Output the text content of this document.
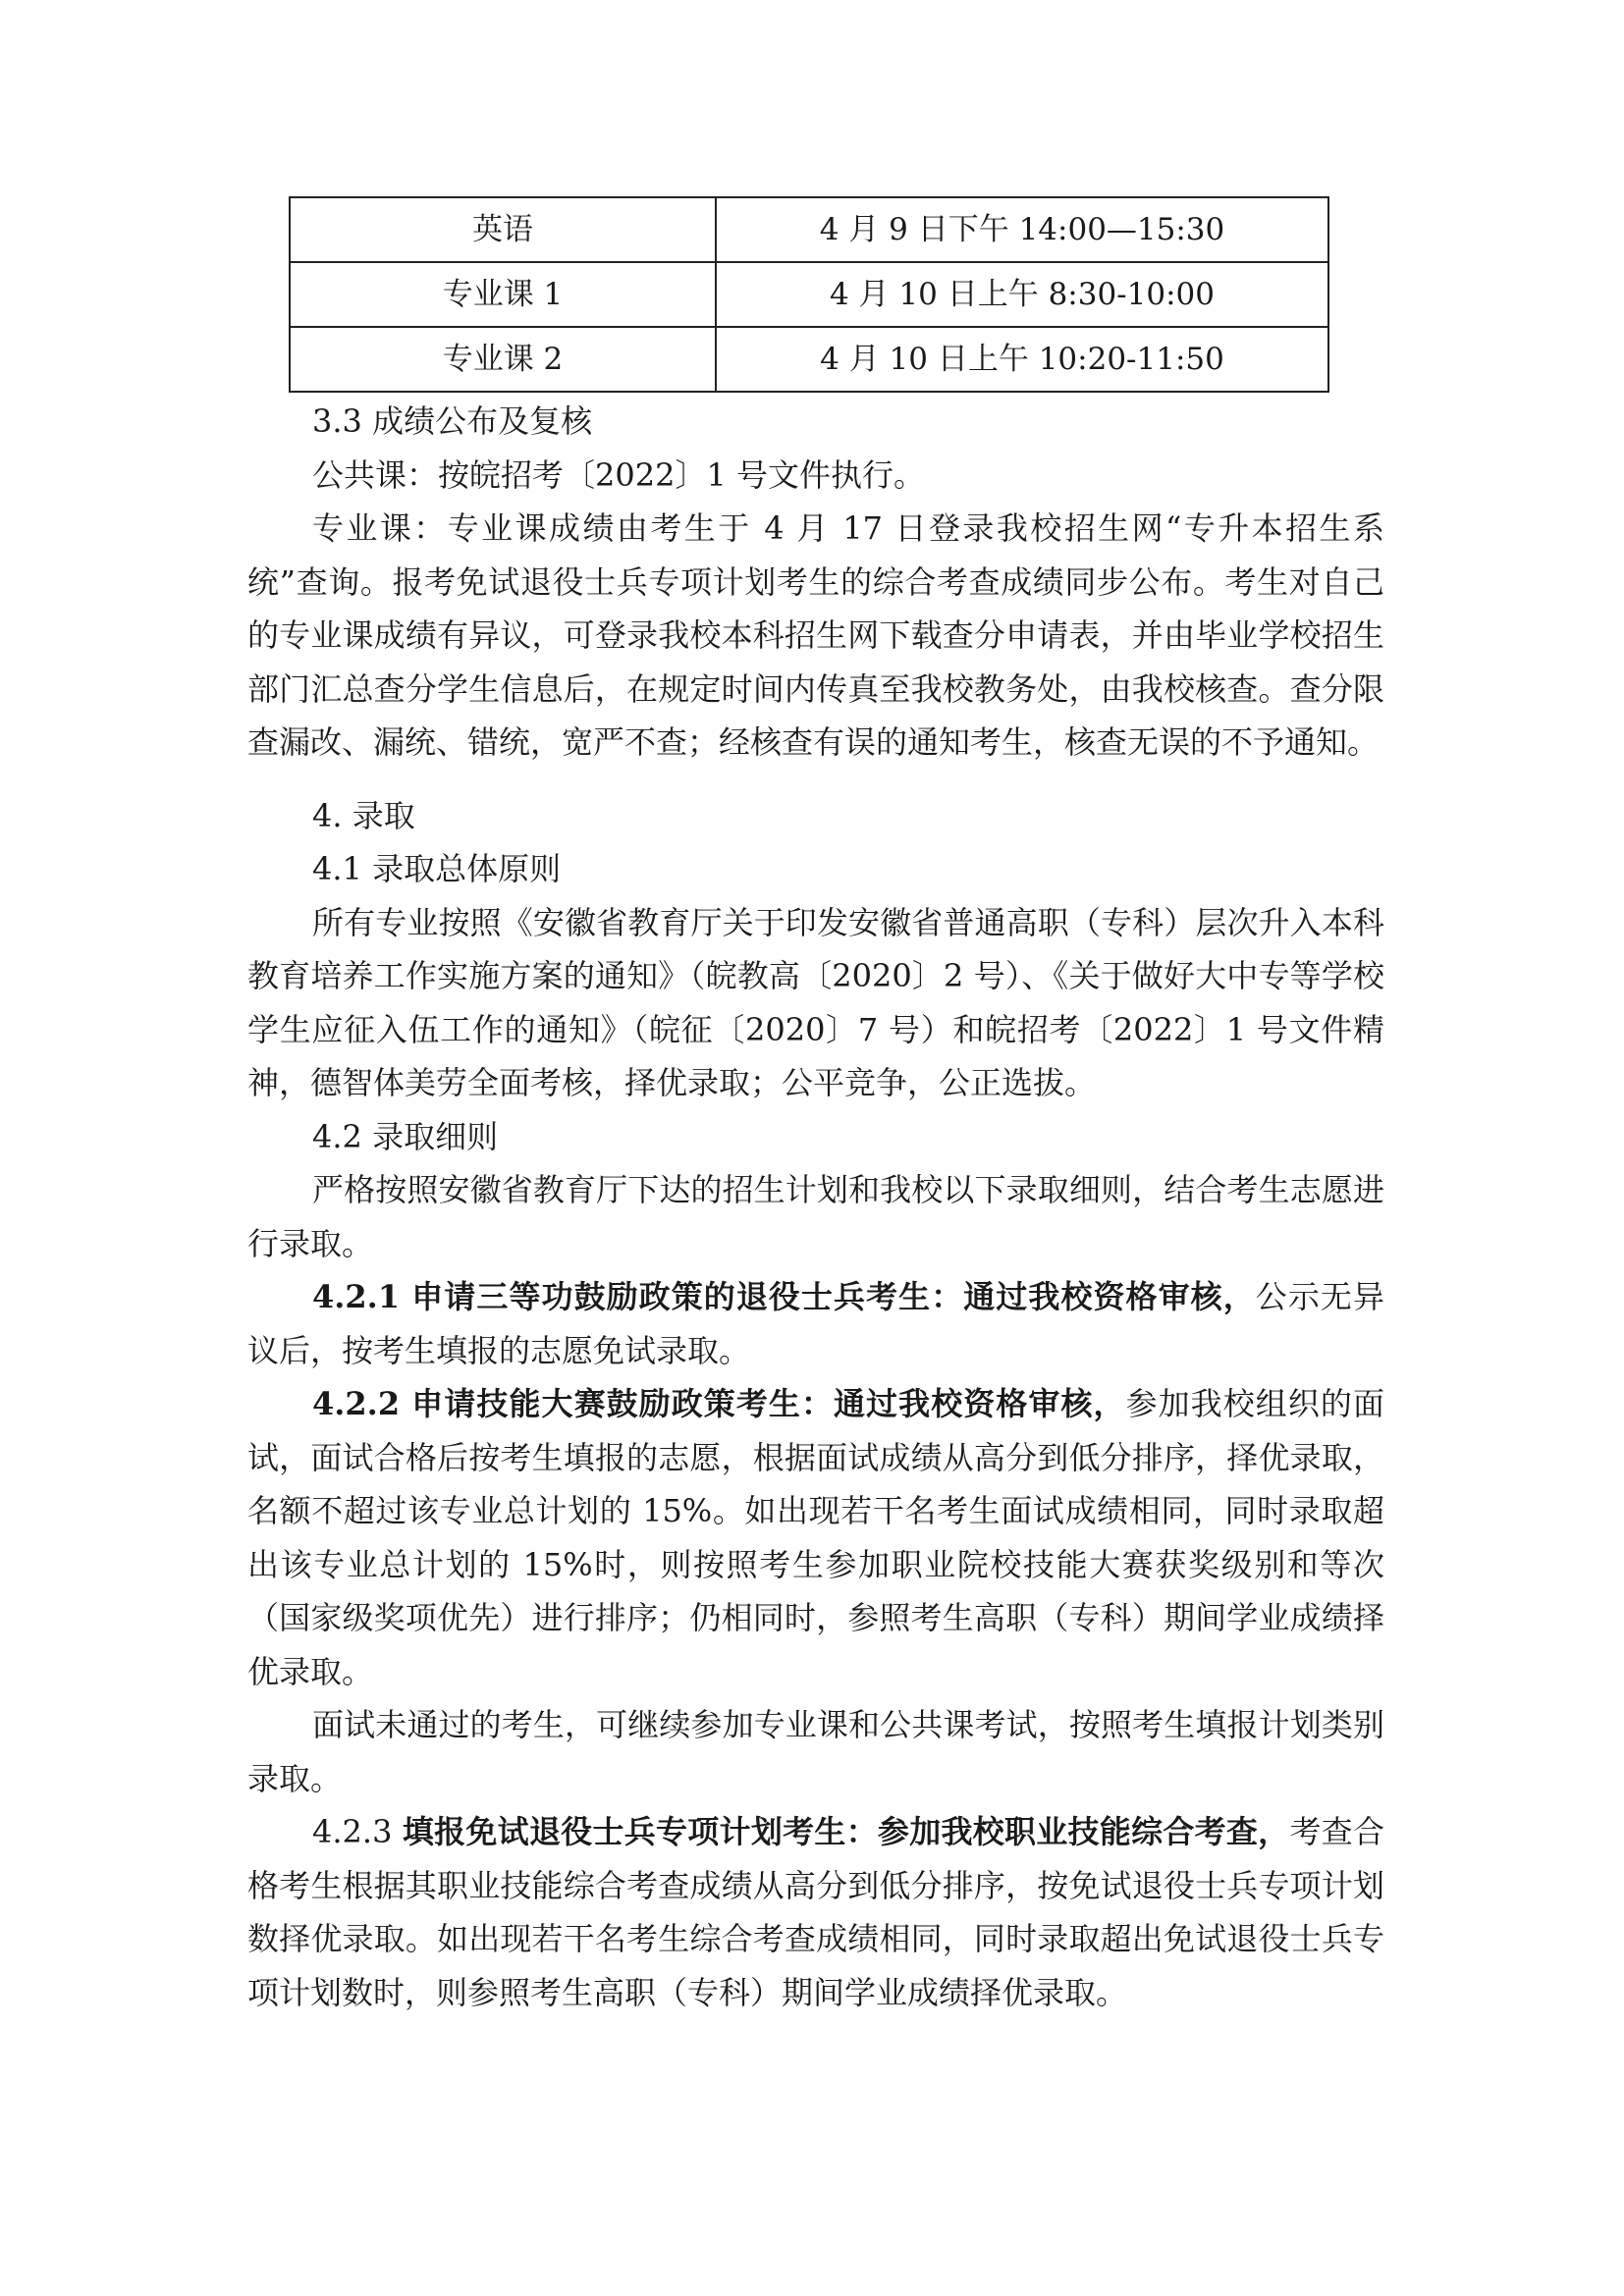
英语	4 月 9 日下午 14:00—15:30
专业课 1	4 月 10 日上午 8:30-10:00
专业课 2	4 月 10 日上午 10:20-11:50

3.3 成绩公布及复核

公共课：按皖招考〔2022〕1 号文件执行。

专业课：专业课成绩由考生于 4 月 17 日登录我校招生网“专升本招生系统”查询。报考免试退役士兵专项计划考生的综合考查成绩同步公布。考生对自己的专业课成绩有异议，可登录我校本科招生网下载查分申请表，并由毕业学校招生部门汇总查分学生信息后，在规定时间内传真至我校教务处，由我校核查。查分限查漏改、漏统、错统，宽严不查；经核查有误的通知考生，核查无误的不予通知。

4. 录取

4.1 录取总体原则

所有专业按照《安徽省教育厅关于印发安徽省普通高职（专科）层次升入本科教育培养工作实施方案的通知》（皖教高〔2020〕2 号）、《关于做好大中专等学校学生应征入伍工作的通知》（皖征〔2020〕7 号）和皖招考〔2022〕1 号文件精神，德智体美劳全面考核，择优录取；公平竞争，公正选拔。

4.2 录取细则

严格按照安徽省教育厅下达的招生计划和我校以下录取细则，结合考生志愿进行录取。

4.2.1 申请三等功鼓励政策的退役士兵考生：通过我校资格审核，公示无异议后，按考生填报的志愿免试录取。

4.2.2 申请技能大赛鼓励政策考生：通过我校资格审核，参加我校组织的面试，面试合格后按考生填报的志愿，根据面试成绩从高分到低分排序，择优录取，名额不超过该专业总计划的 15%。如出现若干名考生面试成绩相同，同时录取超出该专业总计划的 15%时，则按照考生参加职业院校技能大赛获奖级别和等次（国家级奖项优先）进行排序；仍相同时，参照考生高职（专科）期间学业成绩择优录取。

面试未通过的考生，可继续参加专业课和公共课考试，按照考生填报计划类别录取。

4.2.3 填报免试退役士兵专项计划考生：参加我校职业技能综合考查，考查合格考生根据其职业技能综合考查成绩从高分到低分排序，按免试退役士兵专项计划数择优录取。如出现若干名考生综合考查成绩相同，同时录取超出免试退役士兵专项计划数时，则参照考生高职（专科）期间学业成绩择优录取。
